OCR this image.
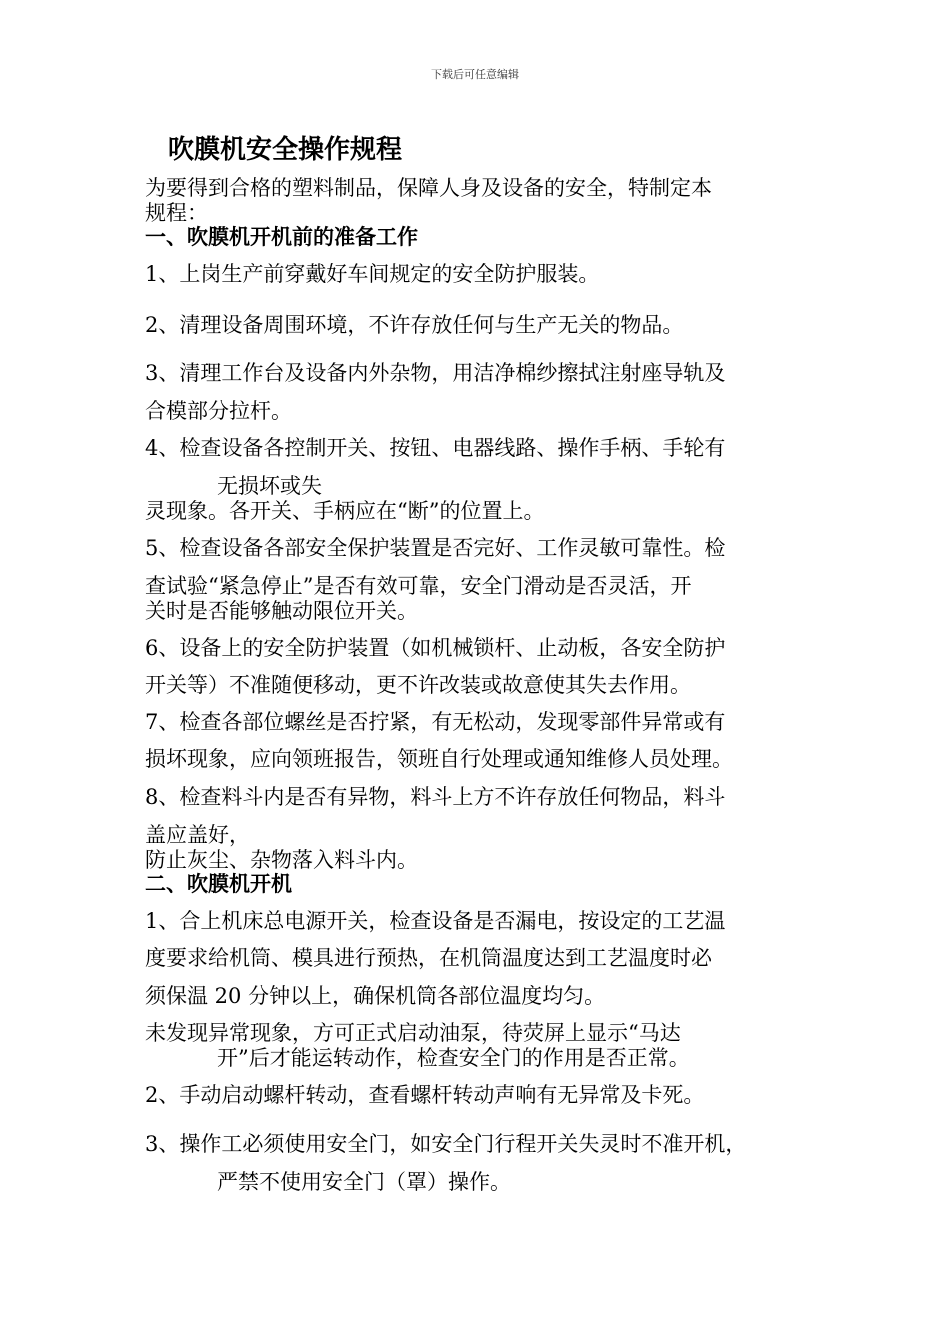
下载后可任意编辑
吹膜机安全操作规程
为要得到合格的塑料制品，保障人身及设备的安全，特制定本
规程：
一、吹膜机开机前的准备工作
1、上岗生产前穿戴好车间规定的安全防护服装。
2、清理设备周围环境，不许存放任何与生产无关的物品。
3、清理工作台及设备内外杂物，用洁净棉纱擦拭注射座导轨及
合模部分拉杆。
4、检查设备各控制开关、按钮、电器线路、操作手柄、手轮有
无损坏或失
灵现象。各开关、手柄应在“断”的位置上。
5、检查设备各部安全保护装置是否完好、工作灵敏可靠性。检
查试验“紧急停止”是否有效可靠，安全门滑动是否灵活，开
关时是否能够触动限位开关。
6、设备上的安全防护装置（如机械锁杆、止动板，各安全防护
开关等）不准随便移动，更不许改装或故意使其失去作用。
7、检查各部位螺丝是否拧紧，有无松动，发现零部件异常或有
损坏现象，应向领班报告，领班自行处理或通知维修人员处理。
8、检查料斗内是否有异物，料斗上方不许存放任何物品，料斗
盖应盖好，
防止灰尘、杂物落入料斗内。
二、吹膜机开机
1、合上机床总电源开关，检查设备是否漏电，按设定的工艺温
度要求给机筒、模具进行预热，在机筒温度达到工艺温度时必
须保温 20 分钟以上，确保机筒各部位温度均匀。
未发现异常现象，方可正式启动油泵，待荧屏上显示“马达
开”后才能运转动作，检查安全门的作用是否正常。
2、手动启动螺杆转动，查看螺杆转动声响有无异常及卡死。
3、操作工必须使用安全门，如安全门行程开关失灵时不准开机，
严禁不使用安全门（罩）操作。
